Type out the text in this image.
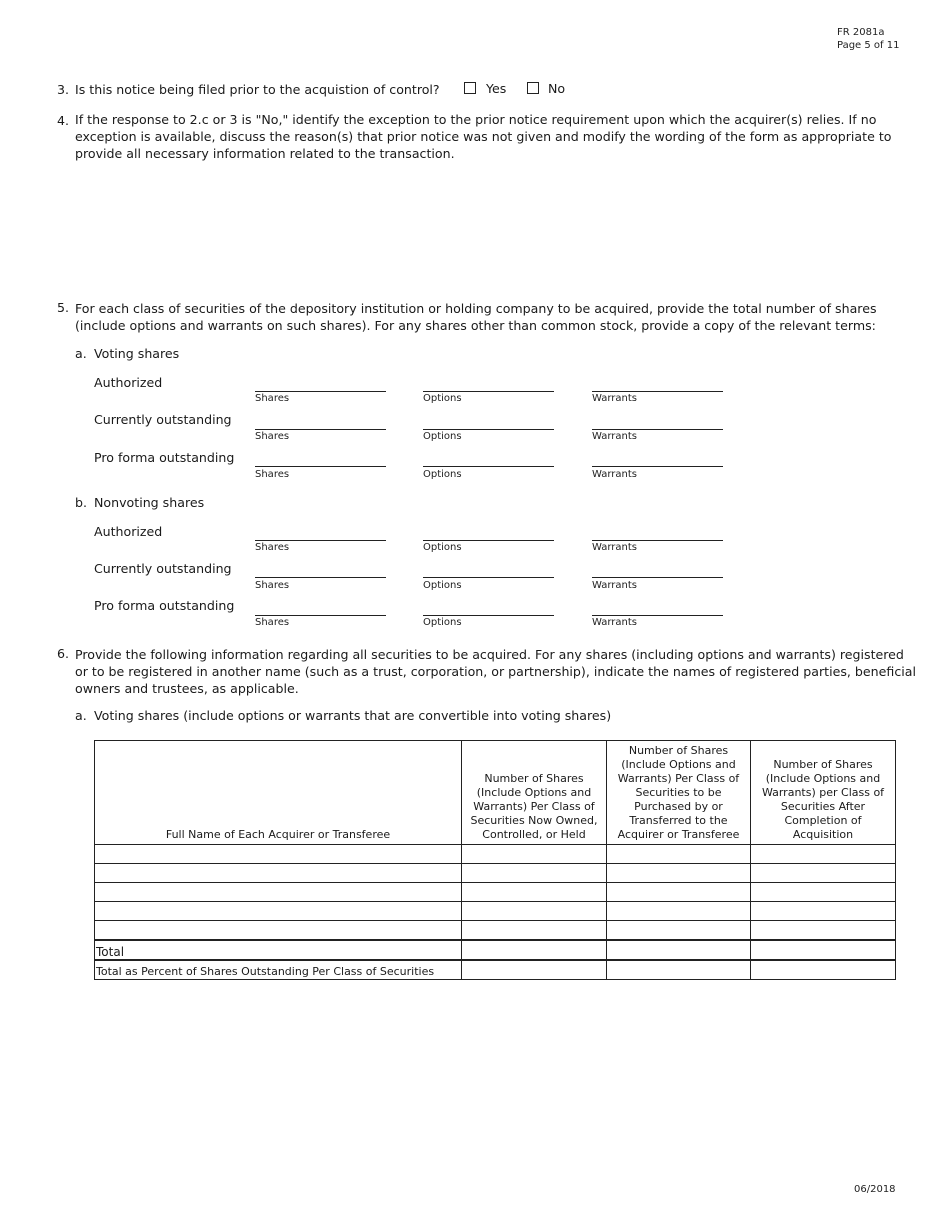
FR 2081a
Page 5 of 11
3. Is this notice being filed prior to the acquistion of control?	Yes	No
4. If the response to 2.c or 3 is "No," identify the exception to the prior notice requirement upon which the acquirer(s) relies. If no
exception is available, discuss the reason(s) that prior notice was not given and modify the wording of the form as appropriate to
provide all necessary information related to the transaction.
5. For each class of securities of the depository institution or holding company to be acquired, provide the total number of shares
(include options and warrants on such shares). For any shares other than common stock, provide a copy of the relevant terms:
a. Voting shares
Authorized
Shares	Options	Warrants
Currently outstanding
Shares	Options	Warrants
Pro forma outstanding
Shares	Options	Warrants
b. Nonvoting shares
Authorized
Shares	Options	Warrants
Currently outstanding
Shares	Options	Warrants
Pro forma outstanding
Shares	Options	Warrants
6. Provide the following information regarding all securities to be acquired. For any shares (including options and warrants) registered
or to be registered in another name (such as a trust, corporation, or partnership), indicate the names of registered parties, beneficial
owners and trustees, as applicable.
a. Voting shares (include options or warrants that are convertible into voting shares)
Full Name of Each Acquirer or Transferee	Number of Shares (Include Options and Warrants) Per Class of Securities Now Owned, Controlled, or Held	Number of Shares (Include Options and Warrants) Per Class of Securities to be Purchased by or Transferred to the Acquirer or Transferee	Number of Shares (Include Options and Warrants) per Class of Securities After Completion of Acquisition

Total			
Total as Percent of Shares Outstanding Per Class of Securities			
06/2018
